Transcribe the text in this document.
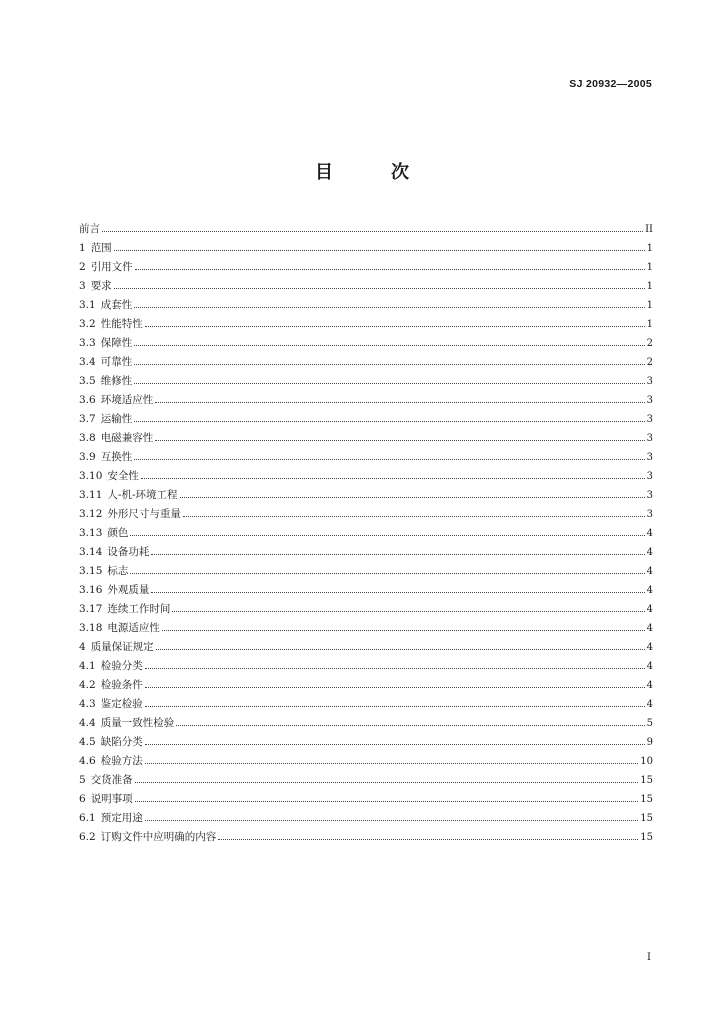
SJ 20932—2005
目	次
前言	II
1 范围	1
2 引用文件	1
3 要求	1
3.1 成套性	1
3.2 性能特性	1
3.3 保障性	2
3.4 可靠性	2
3.5 维修性	3
3.6 环境适应性	3
3.7 运输性	3
3.8 电磁兼容性	3
3.9 互换性	3
3.10 安全性	3
3.11 人-机-环境工程	3
3.12 外形尺寸与重量	3
3.13 颜色	4
3.14 设备功耗	4
3.15 标志	4
3.16 外观质量	4
3.17 连续工作时间	4
3.18 电源适应性	4
4 质量保证规定	4
4.1 检验分类	4
4.2 检验条件	4
4.3 鉴定检验	4
4.4 质量一致性检验	5
4.5 缺陷分类	9
4.6 检验方法	10
5 交货准备	15
6 说明事项	15
6.1 预定用途	15
6.2 订购文件中应明确的内容	15
I
